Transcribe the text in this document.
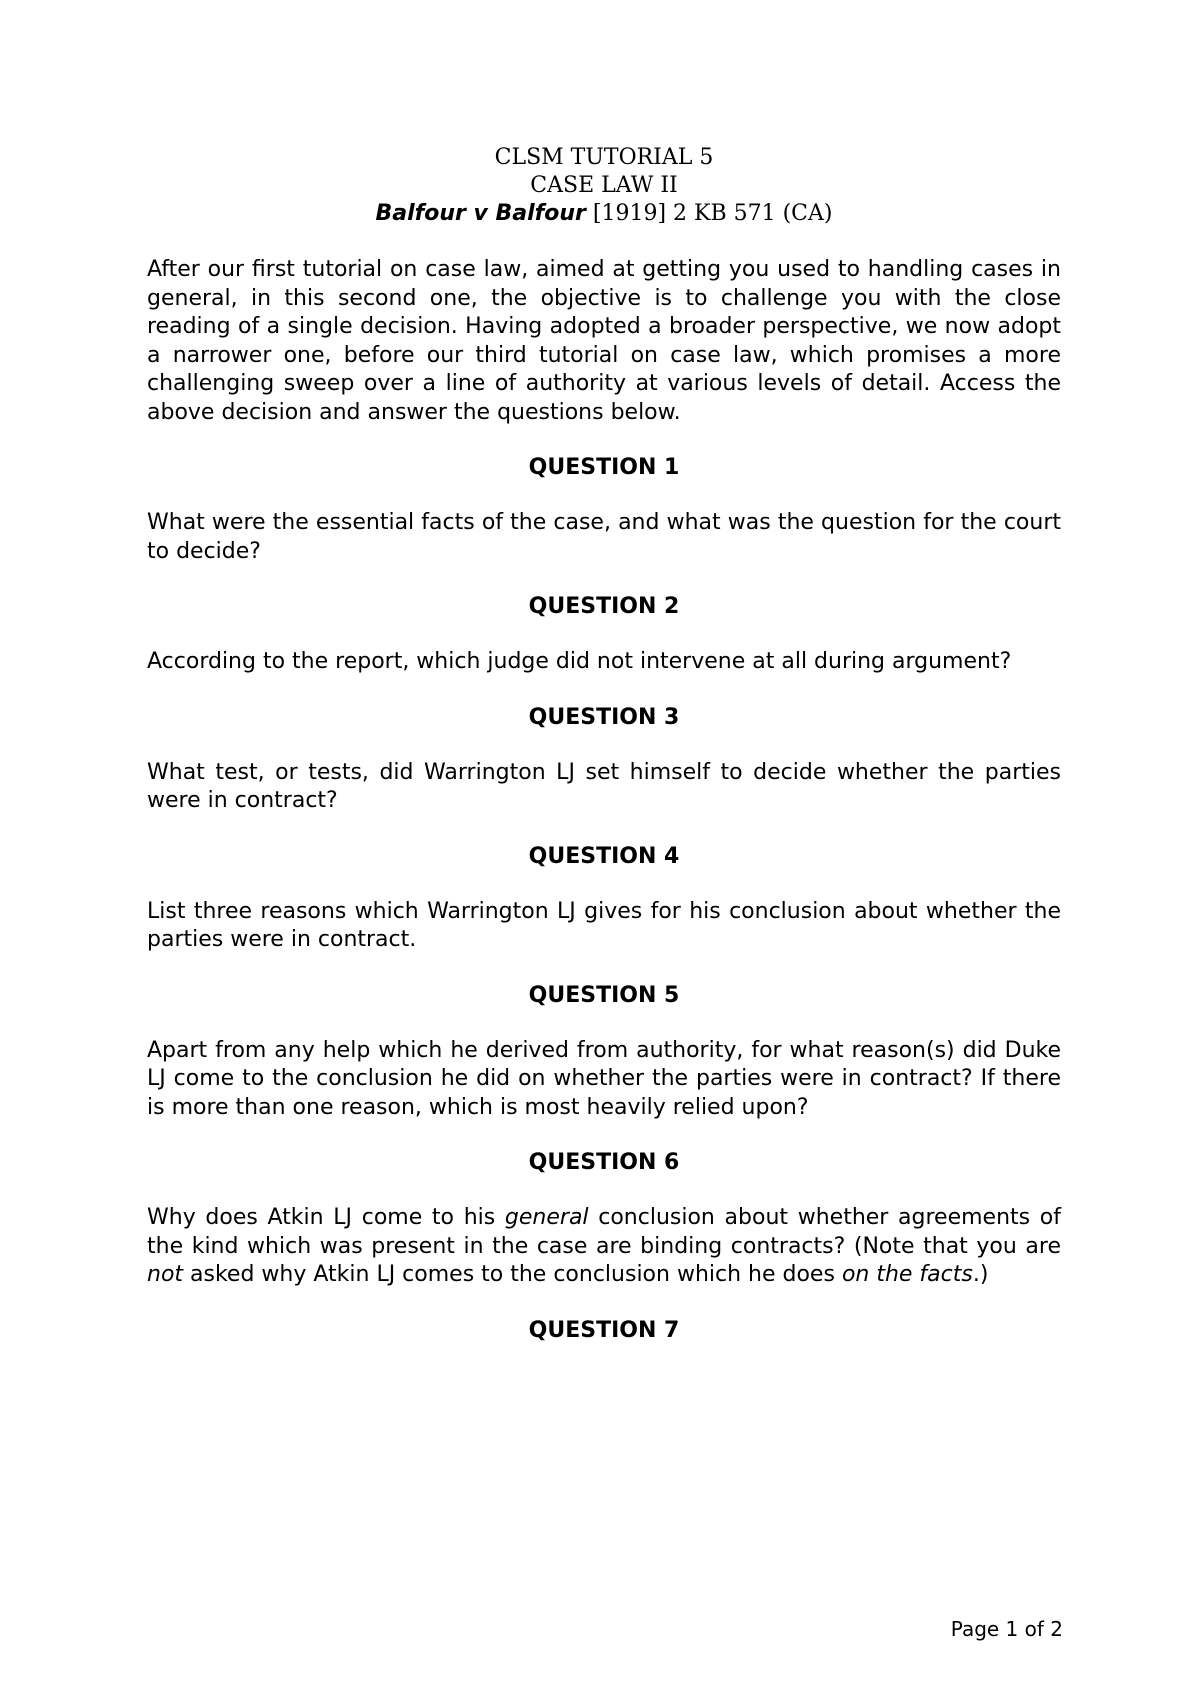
CLSM TUTORIAL 5

CASE LAW II

Balfour v Balfour [1919] 2 KB 571 (CA)

After our first tutorial on case law, aimed at getting you used to handling cases in general, in this second one, the objective is to challenge you with the close reading of a single decision. Having adopted a broader perspective, we now adopt a narrower one, before our third tutorial on case law, which promises a more challenging sweep over a line of authority at various levels of detail. Access the above decision and answer the questions below.

QUESTION 1

What were the essential facts of the case, and what was the question for the court to decide?

QUESTION 2

According to the report, which judge did not intervene at all during argument?

QUESTION 3

What test, or tests, did Warrington LJ set himself to decide whether the parties were in contract?

QUESTION 4

List three reasons which Warrington LJ gives for his conclusion about whether the parties were in contract.

QUESTION 5

Apart from any help which he derived from authority, for what reason(s) did Duke LJ come to the conclusion he did on whether the parties were in contract? If there is more than one reason, which is most heavily relied upon?

QUESTION 6

Why does Atkin LJ come to his general conclusion about whether agreements of the kind which was present in the case are binding contracts? (Note that you are not asked why Atkin LJ comes to the conclusion which he does on the facts.)

QUESTION 7

Page 1 of 2
